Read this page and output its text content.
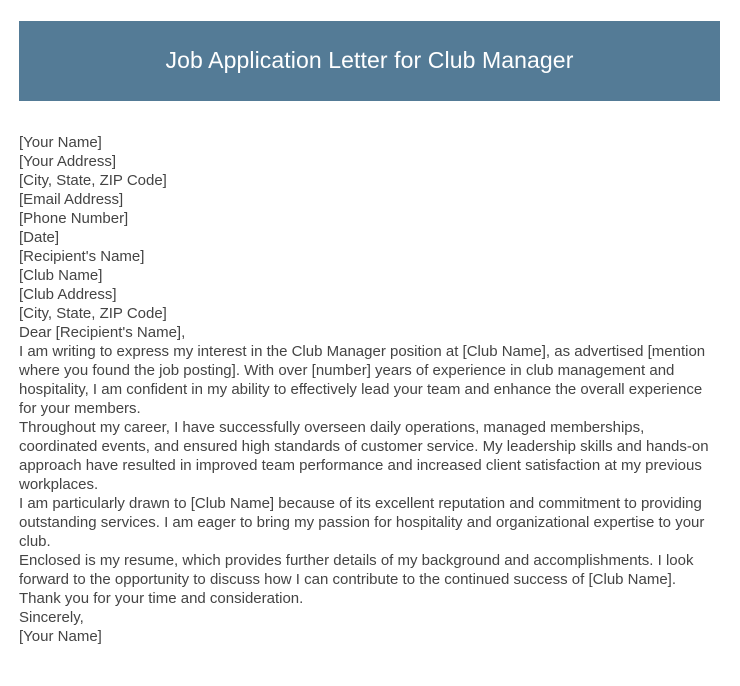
Job Application Letter for Club Manager
[Your Name]
[Your Address]
[City, State, ZIP Code]
[Email Address]
[Phone Number]
[Date]
[Recipient's Name]
[Club Name]
[Club Address]
[City, State, ZIP Code]
Dear [Recipient's Name],

I am writing to express my interest in the Club Manager position at [Club Name], as advertised [mention where you found the job posting]. With over [number] years of experience in club management and hospitality, I am confident in my ability to effectively lead your team and enhance the overall experience for your members.

Throughout my career, I have successfully overseen daily operations, managed memberships, coordinated events, and ensured high standards of customer service. My leadership skills and hands-on approach have resulted in improved team performance and increased client satisfaction at my previous workplaces.

I am particularly drawn to [Club Name] because of its excellent reputation and commitment to providing outstanding services. I am eager to bring my passion for hospitality and organizational expertise to your club.

Enclosed is my resume, which provides further details of my background and accomplishments. I look forward to the opportunity to discuss how I can contribute to the continued success of [Club Name].

Thank you for your time and consideration.
Sincerely,
[Your Name]
